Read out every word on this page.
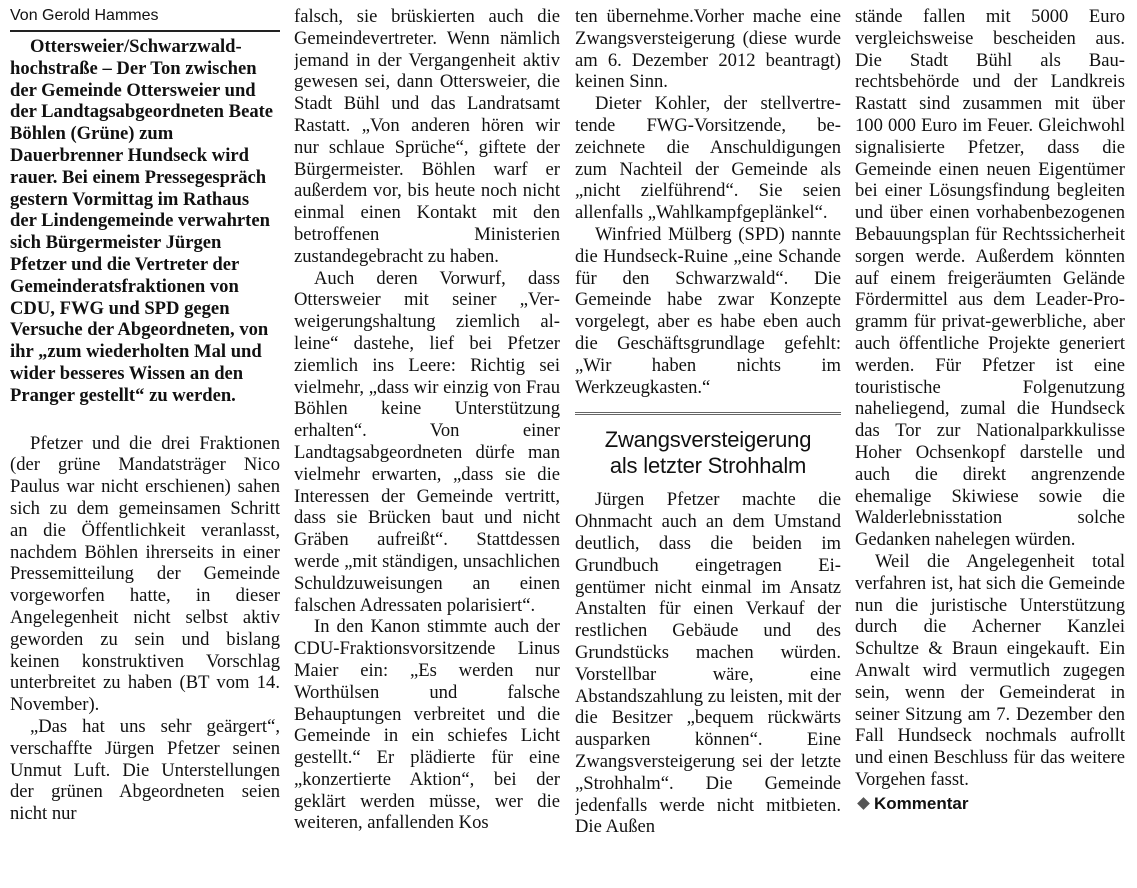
Von Gerold Hammes

Ottersweier/Schwarzwaldhochstraße – Der Ton zwischen der Gemeinde Ottersweier und der Landtagsabgeordneten Beate Böhlen (Grüne) zum Dauerbrenner Hundseck wird rauer. Bei einem Pressegespräch gestern Vormittag im Rathaus der Lindengemeinde verwahrten sich Bürgermeister Jürgen Pfetzer und die Vertreter der Gemeinderatsfraktionen von CDU, FWG und SPD gegen Versuche der Abgeordneten, von ihr „zum wiederholten Mal und wider besseres Wissen an den Pranger gestellt“ zu werden.

Pfetzer und die drei Fraktionen (der grüne Mandatsträger Nico Paulus war nicht erschienen) sahen sich zu dem gemeinsamen Schritt an die Öffentlichkeit veranlasst, nachdem Böhlen ihrerseits in einer Pressemitteilung der Gemeinde vorgeworfen hatte, in dieser Angelegenheit nicht selbst aktiv geworden zu sein und bislang keinen konstruktiven Vorschlag unterbreitet zu haben (BT vom 14. November).

„Das hat uns sehr geärgert“, verschaffte Jürgen Pfetzer seinen Unmut Luft. Die Unterstellungen der grünen Abgeordneten seien nicht nur

falsch, sie brüskierten auch die Gemeindevertreter. Wenn nämlich jemand in der Vergangenheit aktiv gewesen sei, dann Ottersweier, die Stadt Bühl und das Landratsamt Rastatt. „Von anderen hören wir nur schlaue Sprüche“, giftete der Bürgermeister. Böhlen warf er außerdem vor, bis heute noch nicht einmal einen Kontakt mit den betroffenen Ministerien zustandegebracht zu haben.

Auch deren Vorwurf, dass Ottersweier mit seiner „Verweigerungshaltung ziemlich alleine“ dastehe, lief bei Pfetzer ziemlich ins Leere: Richtig sei vielmehr, „dass wir einzig von Frau Böhlen keine Unterstützung erhalten“. Von einer Landtagsabgeordneten dürfe man vielmehr erwarten, „dass sie die Interessen der Gemeinde vertritt, dass sie Brücken baut und nicht Gräben aufreißt“. Stattdessen werde „mit ständigen, unsachlichen Schuldzuweisungen an einen falschen Adressaten polarisiert“.

In den Kanon stimmte auch der CDU-Fraktionsvorsitzende Linus Maier ein: „Es werden nur Worthülsen und falsche Behauptungen verbreitet und die Gemeinde in ein schiefes Licht gestellt.“ Er plädierte für eine „konzertierte Aktion“, bei der geklärt werden müsse, wer die weiteren, anfallenden Kos

ten übernehme.Vorher mache eine Zwangsversteigerung (diese wurde am 6. Dezember 2012 beantragt) keinen Sinn.

Dieter Kohler, der stellvertretende FWG-Vorsitzende, bezeichnete die Anschuldigungen zum Nachteil der Gemeinde als „nicht zielführend“. Sie seien allenfalls „Wahlkampfgeplänkel“.

Winfried Mülberg (SPD) nannte die Hundseck-Ruine „eine Schande für den Schwarzwald“. Die Gemeinde habe zwar Konzepte vorgelegt, aber es habe eben auch die Geschäftsgrundlage gefehlt: „Wir haben nichts im Werkzeugkasten.“

Zwangsversteigerung
als letzter Strohhalm

Jürgen Pfetzer machte die Ohnmacht auch an dem Umstand deutlich, dass die beiden im Grundbuch eingetragen Eigentümer nicht einmal im Ansatz Anstalten für einen Verkauf der restlichen Gebäude und des Grundstücks machen würden. Vorstellbar wäre, eine Abstandszahlung zu leisten, mit der die Besitzer „bequem rückwärts ausparken können“. Eine Zwangsversteigerung sei der letzte „Strohhalm“. Die Gemeinde jedenfalls werde nicht mitbieten. Die Außen

stände fallen mit 5000 Euro vergleichsweise bescheiden aus. Die Stadt Bühl als Baurechtsbehörde und der Landkreis Rastatt sind zusammen mit über 100 000 Euro im Feuer. Gleichwohl signalisierte Pfetzer, dass die Gemeinde einen neuen Eigentümer bei einer Lösungsfindung begleiten und über einen vorhabenbezogenen Bebauungsplan für Rechtssicherheit sorgen werde. Außerdem könnten auf einem freigeräumten Gelände Fördermittel aus dem Leader-Programm für privat-gewerbliche, aber auch öffentliche Projekte generiert werden. Für Pfetzer ist eine touristische Folgenutzung naheliegend, zumal die Hundseck das Tor zur Nationalparkkulisse Hoher Ochsenkopf darstelle und auch die direkt angrenzende ehemalige Skiwiese sowie die Walderlebnisstation solche Gedanken nahelegen würden.

Weil die Angelegenheit total verfahren ist, hat sich die Gemeinde nun die juristische Unterstützung durch die Acherner Kanzlei Schultze & Braun eingekauft. Ein Anwalt wird vermutlich zugegen sein, wenn der Gemeinderat in seiner Sitzung am 7. Dezember den Fall Hundseck nochmals aufrollt und einen Beschluss für das weitere Vorgehen fasst.

Kommentar
